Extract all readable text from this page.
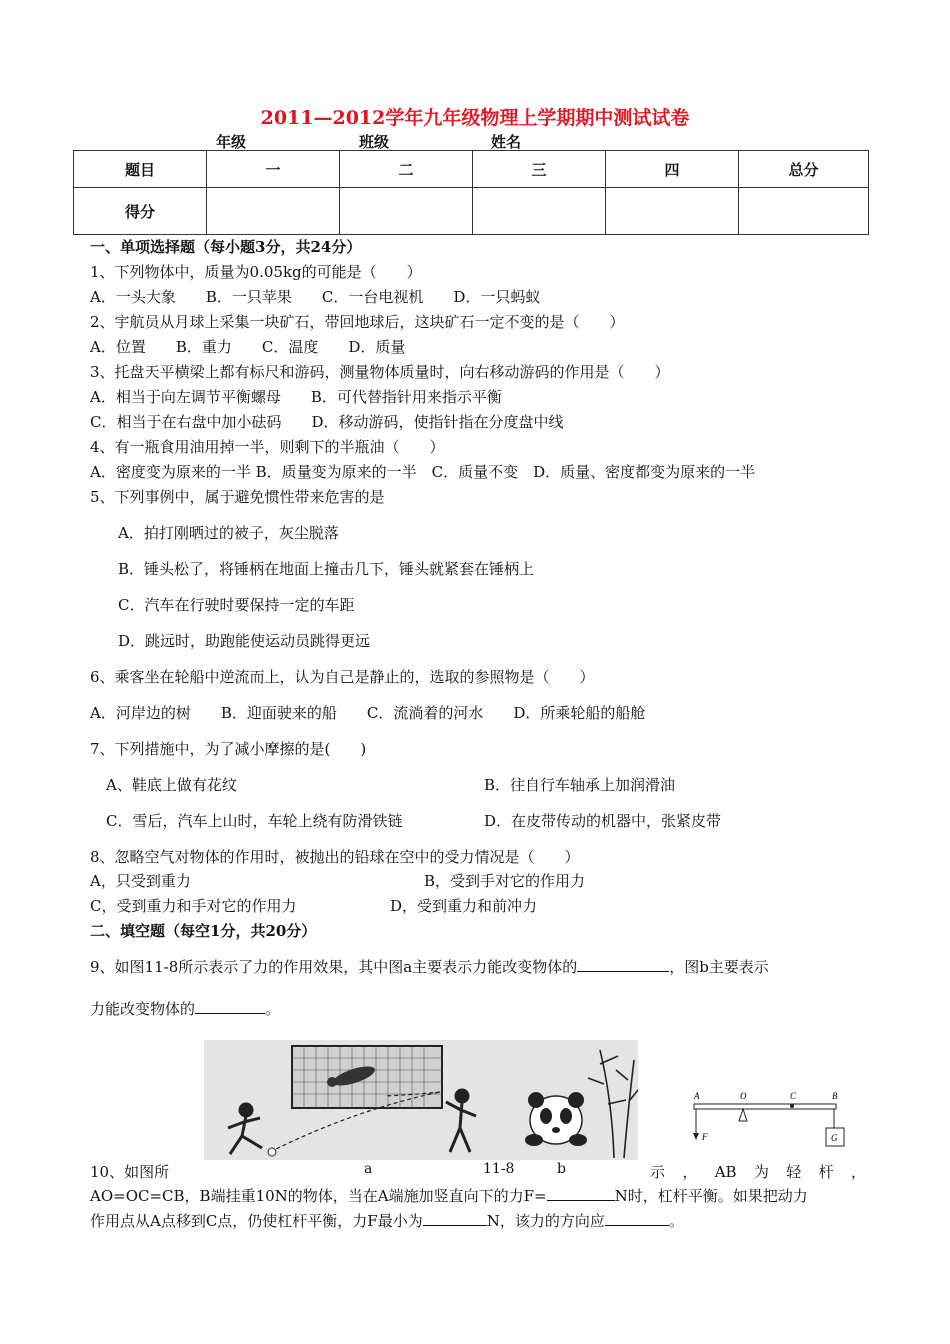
2011—2012学年九年级物理上学期期中测试试卷
年级	班级	姓名
题目	一	二	三	四	总分
得分					
一、单项选择题（每小题3分，共24分）
1、下列物体中，质量为0.05kg的可能是（　　）
A．一头大象　　B．一只苹果　　C．一台电视机　　D．一只蚂蚁
2、宇航员从月球上采集一块矿石，带回地球后，这块矿石一定不变的是（　　）
A．位置　　B．重力　　C．温度　　D．质量
3、托盘天平横梁上都有标尺和游码，测量物体质量时，向右移动游码的作用是（　　）
A．相当于向左调节平衡螺母　　B．可代替指针用来指示平衡
C．相当于在右盘中加小砝码　　D．移动游码，使指针指在分度盘中线
4、有一瓶食用油用掉一半，则剩下的半瓶油（　　）
A．密度变为原来的一半 B．质量变为原来的一半　C．质量不变　D．质量、密度都变为原来的一半
5、下列事例中，属于避免惯性带来危害的是
A．拍打刚晒过的被子，灰尘脱落
B．锤头松了，将锤柄在地面上撞击几下，锤头就紧套在锤柄上
C．汽车在行驶时要保持一定的车距
D．跳远时，助跑能使运动员跳得更远
6、乘客坐在轮船中逆流而上，认为自己是静止的，选取的参照物是（　　）
A．河岸边的树　　B．迎面驶来的船　　C．流淌着的河水　　D．所乘轮船的船舱
7、下列措施中，为了减小摩擦的是(　　)
A、鞋底上做有花纹	B．往自行车轴承上加润滑油
C．雪后，汽车上山时，车轮上绕有防滑铁链	D．在皮带传动的机器中，张紧皮带
8、忽略空气对物体的作用时，被抛出的铅球在空中的受力情况是（　　）
A，只受到重力	B，受到手对它的作用力
C，受到重力和手对它的作用力	D，受到重力和前冲力
二、填空题（每空1分，共20分）
9、如图11-8所示表示了力的作用效果，其中图a主要表示力能改变物体的	，图b主要表示
力能改变物体的	。
A	O	C	B
F	G
10、如图所	a	11-8	b	示，AB为轻杆，
AO=OC=CB，B端挂重10N的物体，当在A端施加竖直向下的力F=	N时，杠杆平衡。如果把动力
作用点从A点移到C点，仍使杠杆平衡，力F最小为	N，该力的方向应	。
